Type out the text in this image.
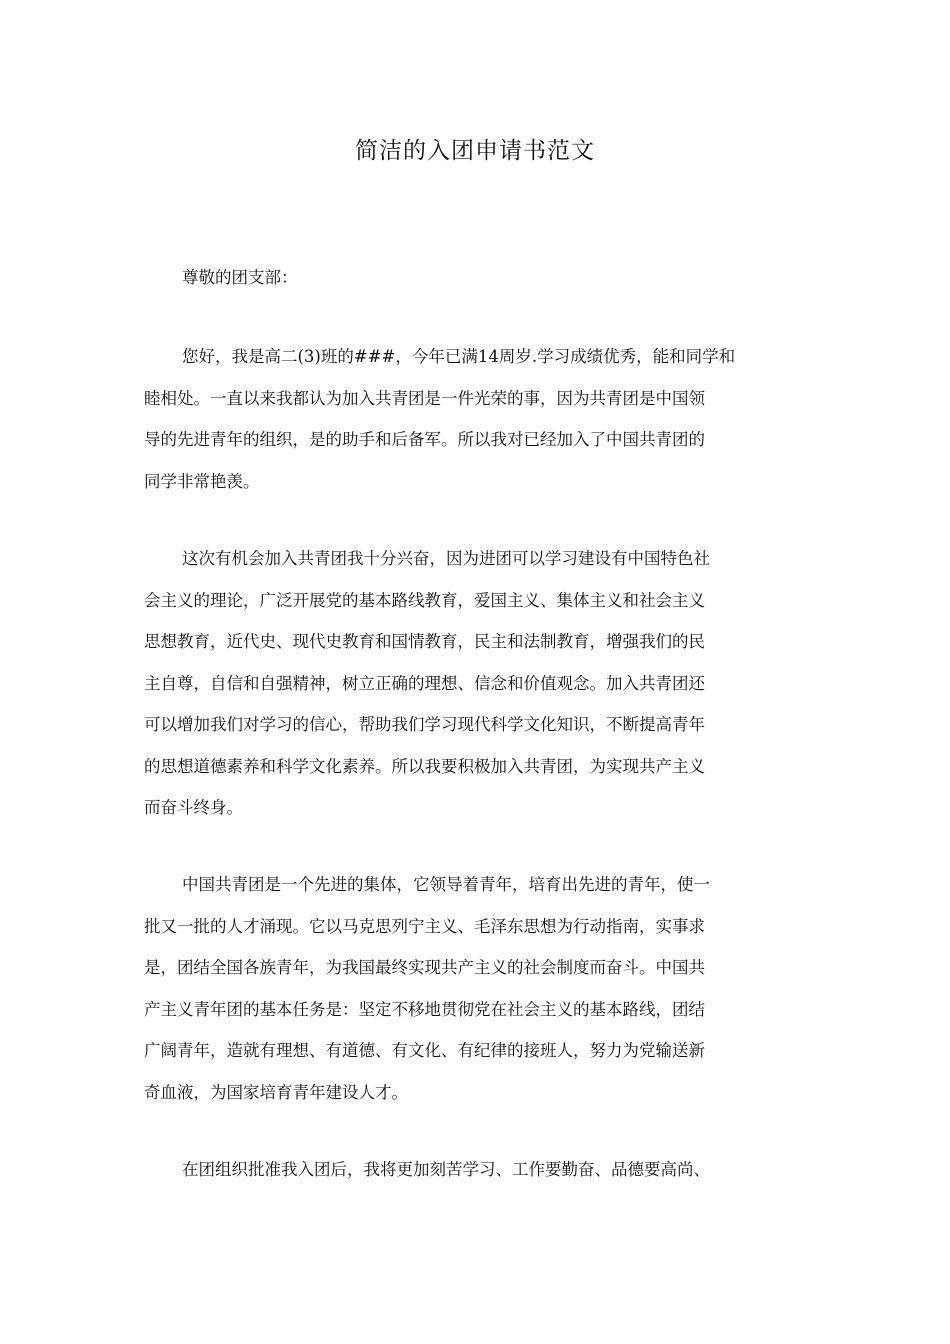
简洁的入团申请书范文
尊敬的团支部：
您好，我是高二(3)班的###，今年已满14周岁.学习成绩优秀，能和同学和
睦相处。一直以来我都认为加入共青团是一件光荣的事，因为共青团是中国领
导的先进青年的组织，是的助手和后备军。所以我对已经加入了中国共青团的
同学非常艳羡。
这次有机会加入共青团我十分兴奋，因为进团可以学习建设有中国特色社
会主义的理论，广泛开展党的基本路线教育，爱国主义、集体主义和社会主义
思想教育，近代史、现代史教育和国情教育，民主和法制教育，增强我们的民
主自尊，自信和自强精神，树立正确的理想、信念和价值观念。加入共青团还
可以增加我们对学习的信心，帮助我们学习现代科学文化知识，不断提高青年
的思想道德素养和科学文化素养。所以我要积极加入共青团，为实现共产主义
而奋斗终身。
中国共青团是一个先进的集体，它领导着青年，培育出先进的青年，使一
批又一批的人才涌现。它以马克思列宁主义、毛泽东思想为行动指南，实事求
是，团结全国各族青年，为我国最终实现共产主义的社会制度而奋斗。中国共
产主义青年团的基本任务是：坚定不移地贯彻党在社会主义的基本路线，团结
广阔青年，造就有理想、有道德、有文化、有纪律的接班人，努力为党输送新
奇血液，为国家培育青年建设人才。
在团组织批准我入团后，我将更加刻苦学习、工作要勤奋、品德要高尚、
